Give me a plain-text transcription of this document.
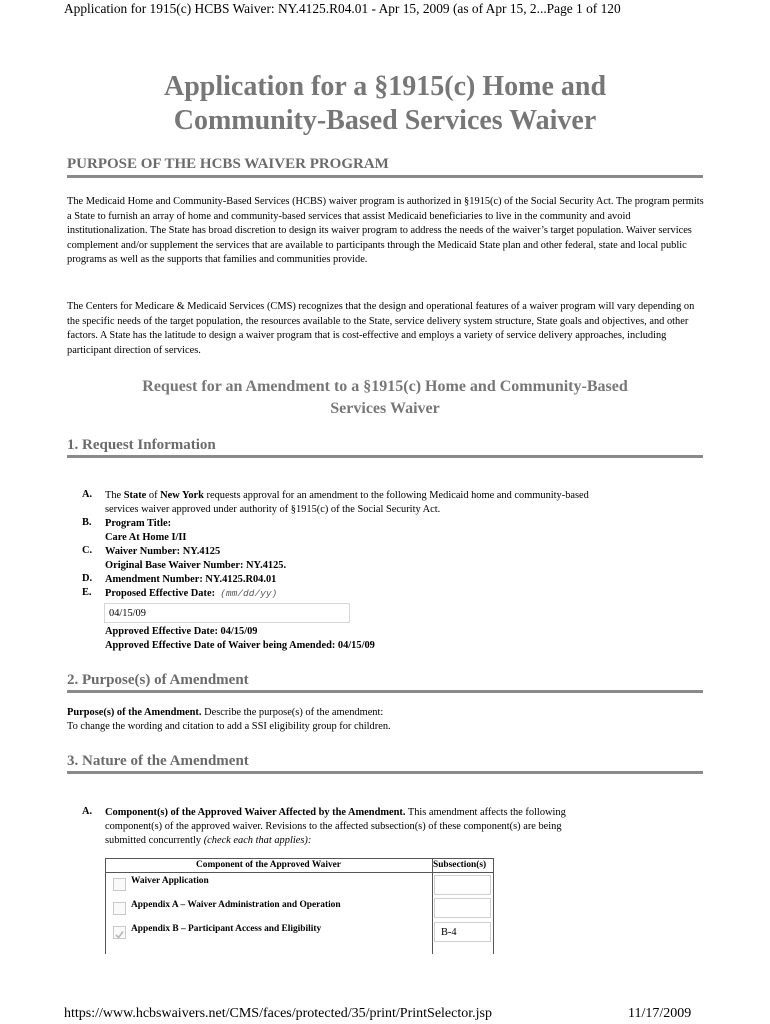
Application for 1915(c) HCBS Waiver: NY.4125.R04.01 - Apr 15, 2009 (as of Apr 15, 2...Page 1 of 120
Application for a §1915(c) Home and
Community-Based Services Waiver
PURPOSE OF THE HCBS WAIVER PROGRAM
The Medicaid Home and Community-Based Services (HCBS) waiver program is authorized in §1915(c) of the Social Security Act. The program permits a State to furnish an array of home and community-based services that assist Medicaid beneficiaries to live in the community and avoid institutionalization. The State has broad discretion to design its waiver program to address the needs of the waiver’s target population. Waiver services complement and/or supplement the services that are available to participants through the Medicaid State plan and other federal, state and local public programs as well as the supports that families and communities provide.
The Centers for Medicare & Medicaid Services (CMS) recognizes that the design and operational features of a waiver program will vary depending on the specific needs of the target population, the resources available to the State, service delivery system structure, State goals and objectives, and other factors. A State has the latitude to design a waiver program that is cost-effective and employs a variety of service delivery approaches, including participant direction of services.
Request for an Amendment to a §1915(c) Home and Community-Based
Services Waiver
1. Request Information
A. The State of New York requests approval for an amendment to the following Medicaid home and community-based
services waiver approved under authority of §1915(c) of the Social Security Act.
B. Program Title:
Care At Home I/II
C. Waiver Number: NY.4125
Original Base Waiver Number: NY.4125.
D. Amendment Number: NY.4125.R04.01
E. Proposed Effective Date: (mm/dd/yy)
04/15/09
Approved Effective Date: 04/15/09
Approved Effective Date of Waiver being Amended: 04/15/09
2. Purpose(s) of Amendment
Purpose(s) of the Amendment. Describe the purpose(s) of the amendment:
To change the wording and citation to add a SSI eligibility group for children.
3. Nature of the Amendment
A. Component(s) of the Approved Waiver Affected by the Amendment. This amendment affects the following
component(s) of the approved waiver. Revisions to the affected subsection(s) of these component(s) are being
submitted concurrently (check each that applies):
Component of the Approved Waiver	Subsection(s)
Waiver Application
Appendix A – Waiver Administration and Operation
Appendix B – Participant Access and Eligibility	B-4
https://www.hcbswaivers.net/CMS/faces/protected/35/print/PrintSelector.jsp	11/17/2009
